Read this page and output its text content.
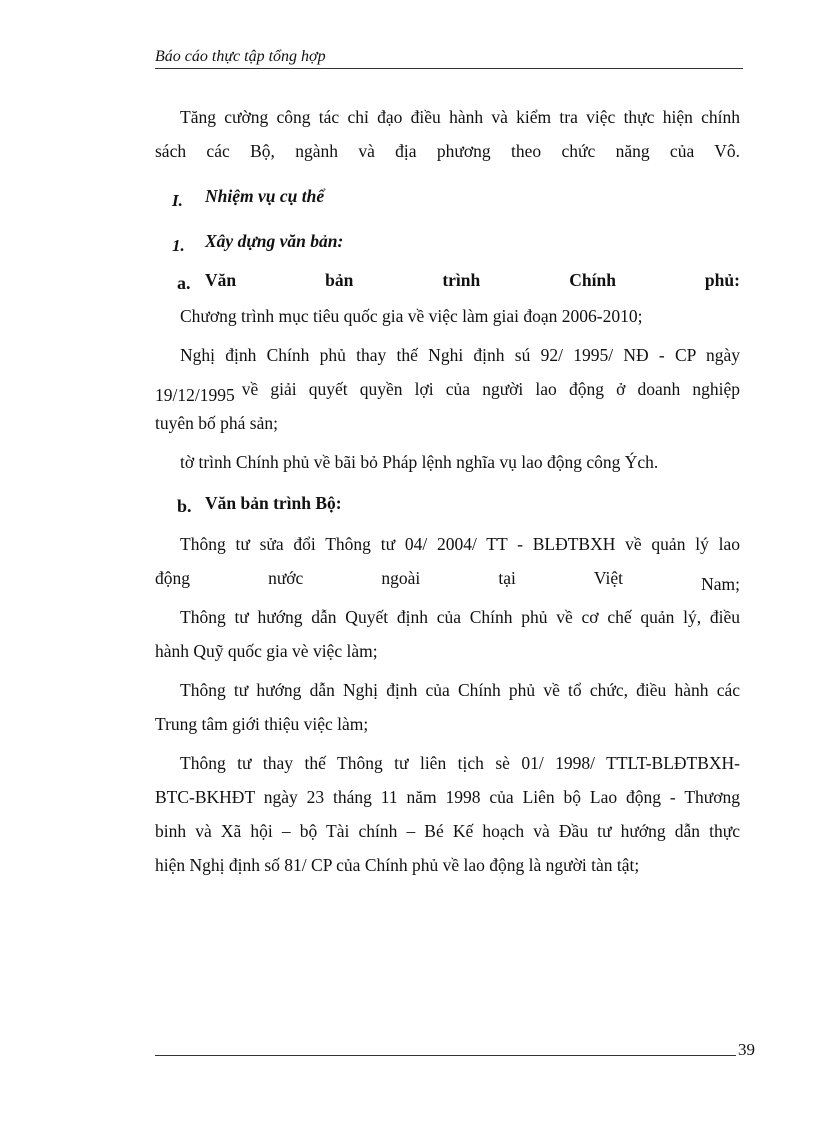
Báo cáo thực tập tổng hợp

Tăng cường công tác chỉ đạo điều hành và kiểm tra việc thực hiện chính

sách các Bộ, ngành và địa phương theo chức năng của Vô.

I.	Nhiệm vụ cụ thể
1.	Xây dựng văn bản:
a. Văn	bản	trình	Chính	phủ:

Chương trình mục tiêu quốc gia về việc làm giai đoạn 2006-2010;

Nghị định Chính phủ thay thế Nghi định sú 92/ 1995/ NĐ - CP ngày

19/12/1995 về giải quyết quyền lợi của người lao động ở doanh nghiệp

tuyên bố phá sản;

tờ trình Chính phủ về bãi bỏ Pháp lệnh nghĩa vụ lao động công Ých.

b. Văn bản trình Bộ:

Thông tư sửa đổi Thông tư 04/ 2004/ TT - BLĐTBXH về quản lý lao

động	nước	ngoài	tại	Việt	Nam;

Thông tư hướng dẫn Quyết định của Chính phủ về cơ chế quản lý, điều

hành Quỹ quốc gia vè việc làm;

Thông tư hướng dẫn Nghị định của Chính phủ về tổ chức, điều hành các

Trung tâm giới thiệu việc làm;

Thông tư thay thế Thông tư liên tịch sè 01/ 1998/ TTLT-BLĐTBXH-

BTC-BKHĐT ngày 23 tháng 11 năm 1998 của Liên bộ Lao động - Thương

binh và Xã hội – bộ Tài chính – Bé Kế hoạch và Đầu tư hướng dẫn thực

hiện Nghị định số 81/ CP của Chính phủ về lao động là người tàn tật;

39
